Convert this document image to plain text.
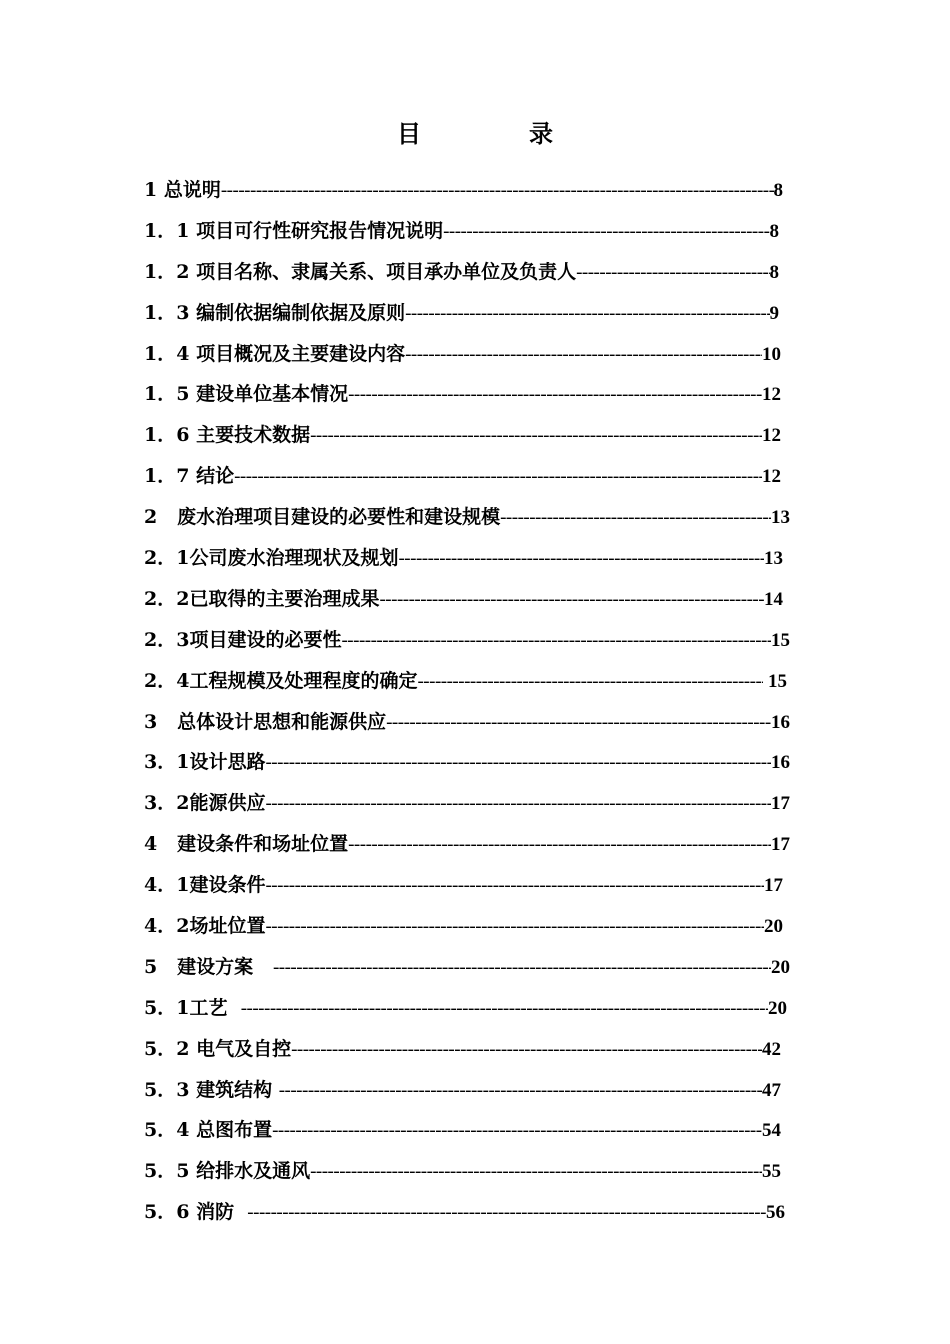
目	录
1 总说明 -----	8
1．1 项目可行性研究报告情况说明 -----	8
1．2 项目名称、隶属关系、项目承办单位及负责人 -----	8
1．3 编制依据编制依据及原则 -----	9
1．4 项目概况及主要建设内容 -----	10
1．5 建设单位基本情况 -----	12
1．6 主要技术数据 -----	12
1．7 结论 -----	12
2 废水治理项目建设的必要性和建设规模 -----	13
2．1 公司废水治理现状及规划 -----	13
2．2 已取得的主要治理成果 -----	14
2．3 项目建设的必要性 -----	15
2．4 工程规模及处理程度的确定 -----	15
3 总体设计思想和能源供应 -----	16
3．1 设计思路 -----	16
3．2 能源供应 -----	17
4 建设条件和场址位置 -----	17
4．1 建设条件 -----	17
4．2 场址位置 -----	20
5 建设方案 -----	20
5．1 工艺 -----	20
5．2 电气及自控 -----	42
5．3 建筑结构 -----	47
5．4 总图布置 -----	54
5．5 给排水及通风 -----	55
5．6 消防 -----	56
